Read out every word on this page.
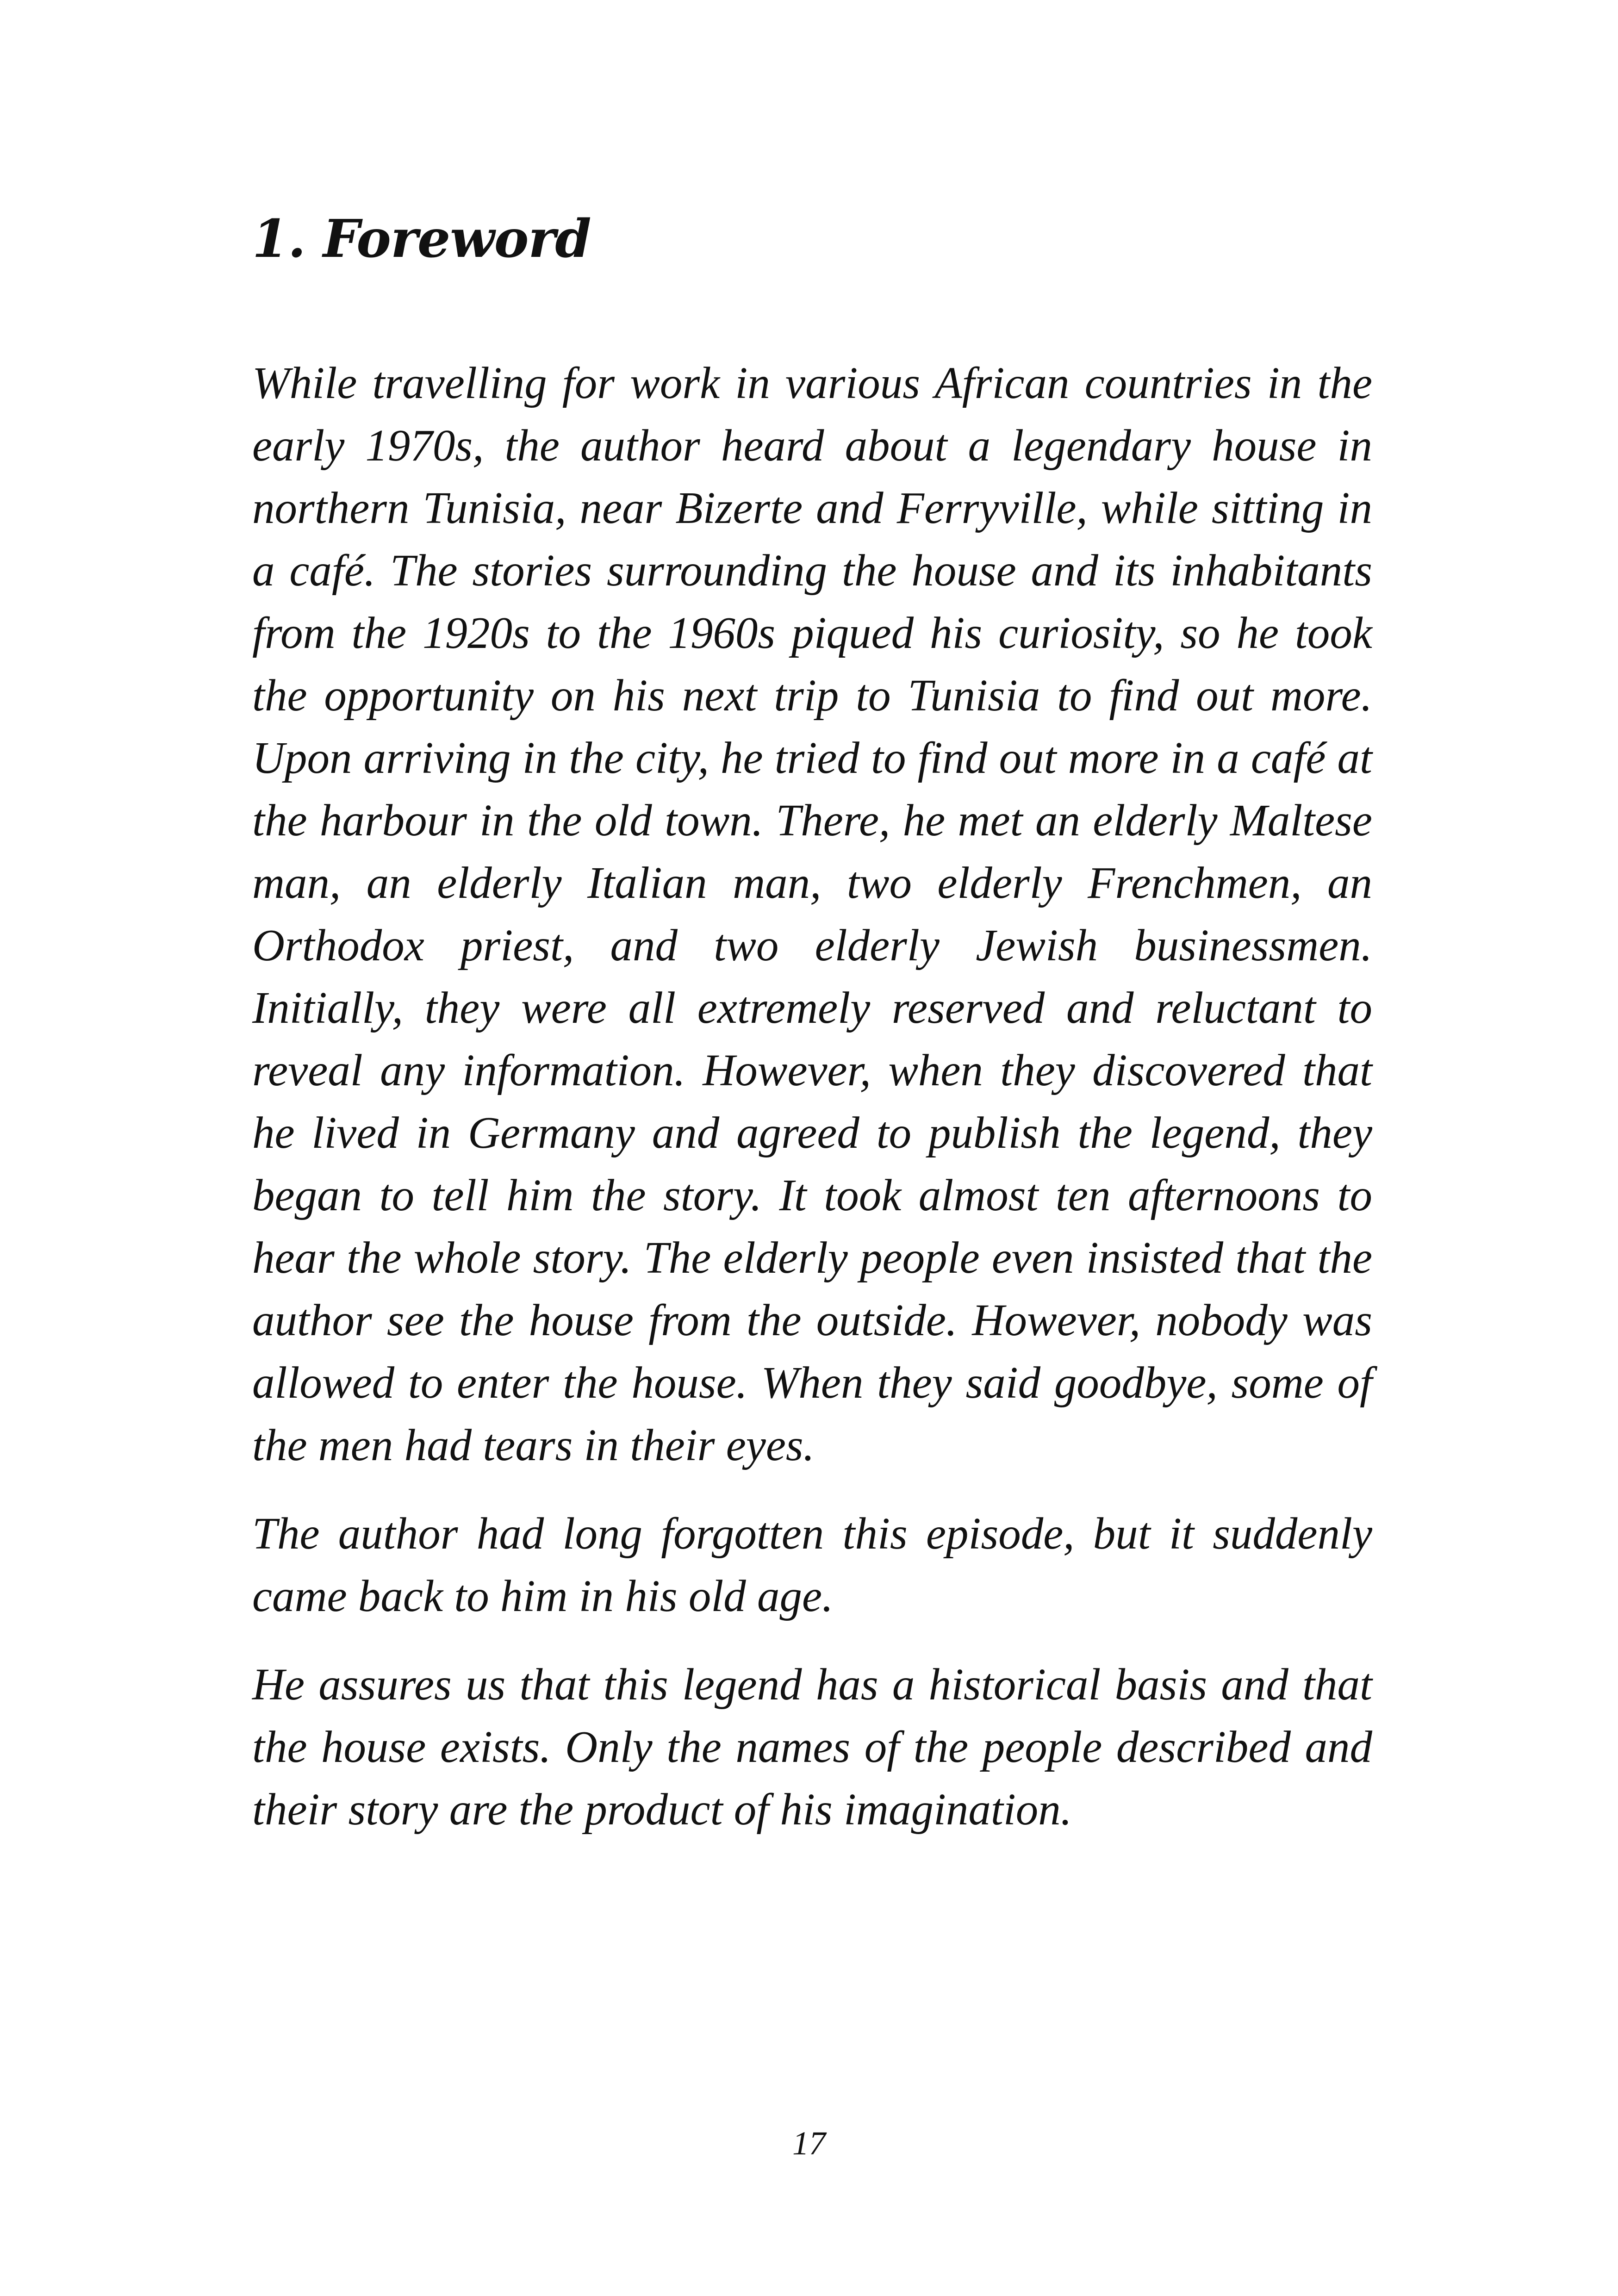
1. Foreword

While travelling for work in various African countries in the early 1970s, the author heard about a legendary house in northern Tunisia, near Bizerte and Ferryville, while sitting in a café. The stories surrounding the house and its inhabitants from the 1920s to the 1960s piqued his curiosity, so he took the opportunity on his next trip to Tunisia to find out more. Upon arriving in the city, he tried to find out more in a café at the harbour in the old town. There, he met an elderly Maltese man, an elderly Italian man, two elderly Frenchmen, an Orthodox priest, and two elderly Jewish businessmen. Initially, they were all extremely reserved and reluctant to reveal any information. However, when they discovered that he lived in Germany and agreed to publish the legend, they began to tell him the story. It took almost ten afternoons to hear the whole story. The elderly people even insisted that the author see the house from the outside. However, nobody was allowed to enter the house. When they said goodbye, some of the men had tears in their eyes.

The author had long forgotten this episode, but it suddenly came back to him in his old age.

He assures us that this legend has a historical basis and that the house exists. Only the names of the people described and their story are the product of his imagination.

17
